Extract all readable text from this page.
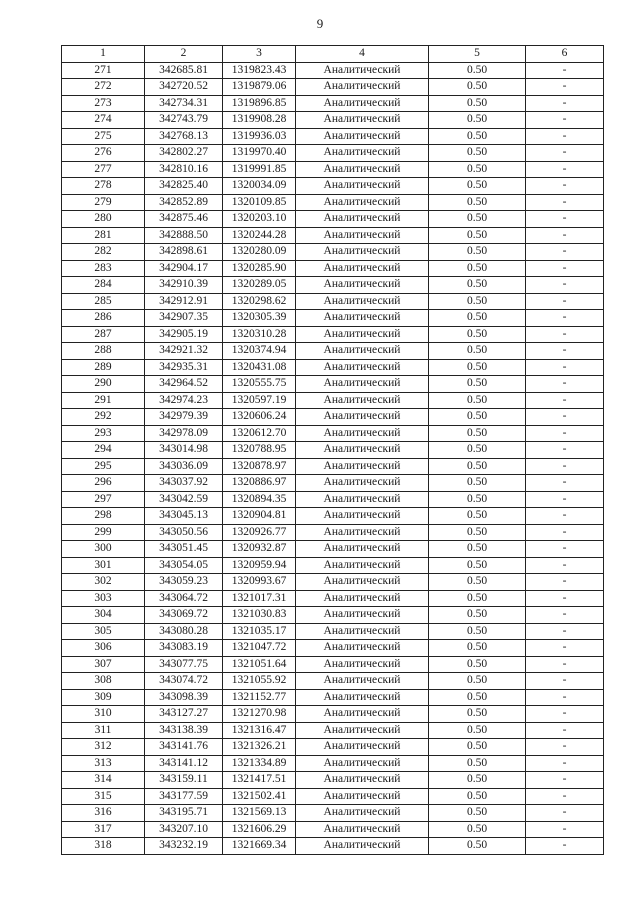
9
1	2	3	4	5	6
271	342685.81	1319823.43	Аналитический	0.50	-
272	342720.52	1319879.06	Аналитический	0.50	-
273	342734.31	1319896.85	Аналитический	0.50	-
274	342743.79	1319908.28	Аналитический	0.50	-
275	342768.13	1319936.03	Аналитический	0.50	-
276	342802.27	1319970.40	Аналитический	0.50	-
277	342810.16	1319991.85	Аналитический	0.50	-
278	342825.40	1320034.09	Аналитический	0.50	-
279	342852.89	1320109.85	Аналитический	0.50	-
280	342875.46	1320203.10	Аналитический	0.50	-
281	342888.50	1320244.28	Аналитический	0.50	-
282	342898.61	1320280.09	Аналитический	0.50	-
283	342904.17	1320285.90	Аналитический	0.50	-
284	342910.39	1320289.05	Аналитический	0.50	-
285	342912.91	1320298.62	Аналитический	0.50	-
286	342907.35	1320305.39	Аналитический	0.50	-
287	342905.19	1320310.28	Аналитический	0.50	-
288	342921.32	1320374.94	Аналитический	0.50	-
289	342935.31	1320431.08	Аналитический	0.50	-
290	342964.52	1320555.75	Аналитический	0.50	-
291	342974.23	1320597.19	Аналитический	0.50	-
292	342979.39	1320606.24	Аналитический	0.50	-
293	342978.09	1320612.70	Аналитический	0.50	-
294	343014.98	1320788.95	Аналитический	0.50	-
295	343036.09	1320878.97	Аналитический	0.50	-
296	343037.92	1320886.97	Аналитический	0.50	-
297	343042.59	1320894.35	Аналитический	0.50	-
298	343045.13	1320904.81	Аналитический	0.50	-
299	343050.56	1320926.77	Аналитический	0.50	-
300	343051.45	1320932.87	Аналитический	0.50	-
301	343054.05	1320959.94	Аналитический	0.50	-
302	343059.23	1320993.67	Аналитический	0.50	-
303	343064.72	1321017.31	Аналитический	0.50	-
304	343069.72	1321030.83	Аналитический	0.50	-
305	343080.28	1321035.17	Аналитический	0.50	-
306	343083.19	1321047.72	Аналитический	0.50	-
307	343077.75	1321051.64	Аналитический	0.50	-
308	343074.72	1321055.92	Аналитический	0.50	-
309	343098.39	1321152.77	Аналитический	0.50	-
310	343127.27	1321270.98	Аналитический	0.50	-
311	343138.39	1321316.47	Аналитический	0.50	-
312	343141.76	1321326.21	Аналитический	0.50	-
313	343141.12	1321334.89	Аналитический	0.50	-
314	343159.11	1321417.51	Аналитический	0.50	-
315	343177.59	1321502.41	Аналитический	0.50	-
316	343195.71	1321569.13	Аналитический	0.50	-
317	343207.10	1321606.29	Аналитический	0.50	-
318	343232.19	1321669.34	Аналитический	0.50	-
